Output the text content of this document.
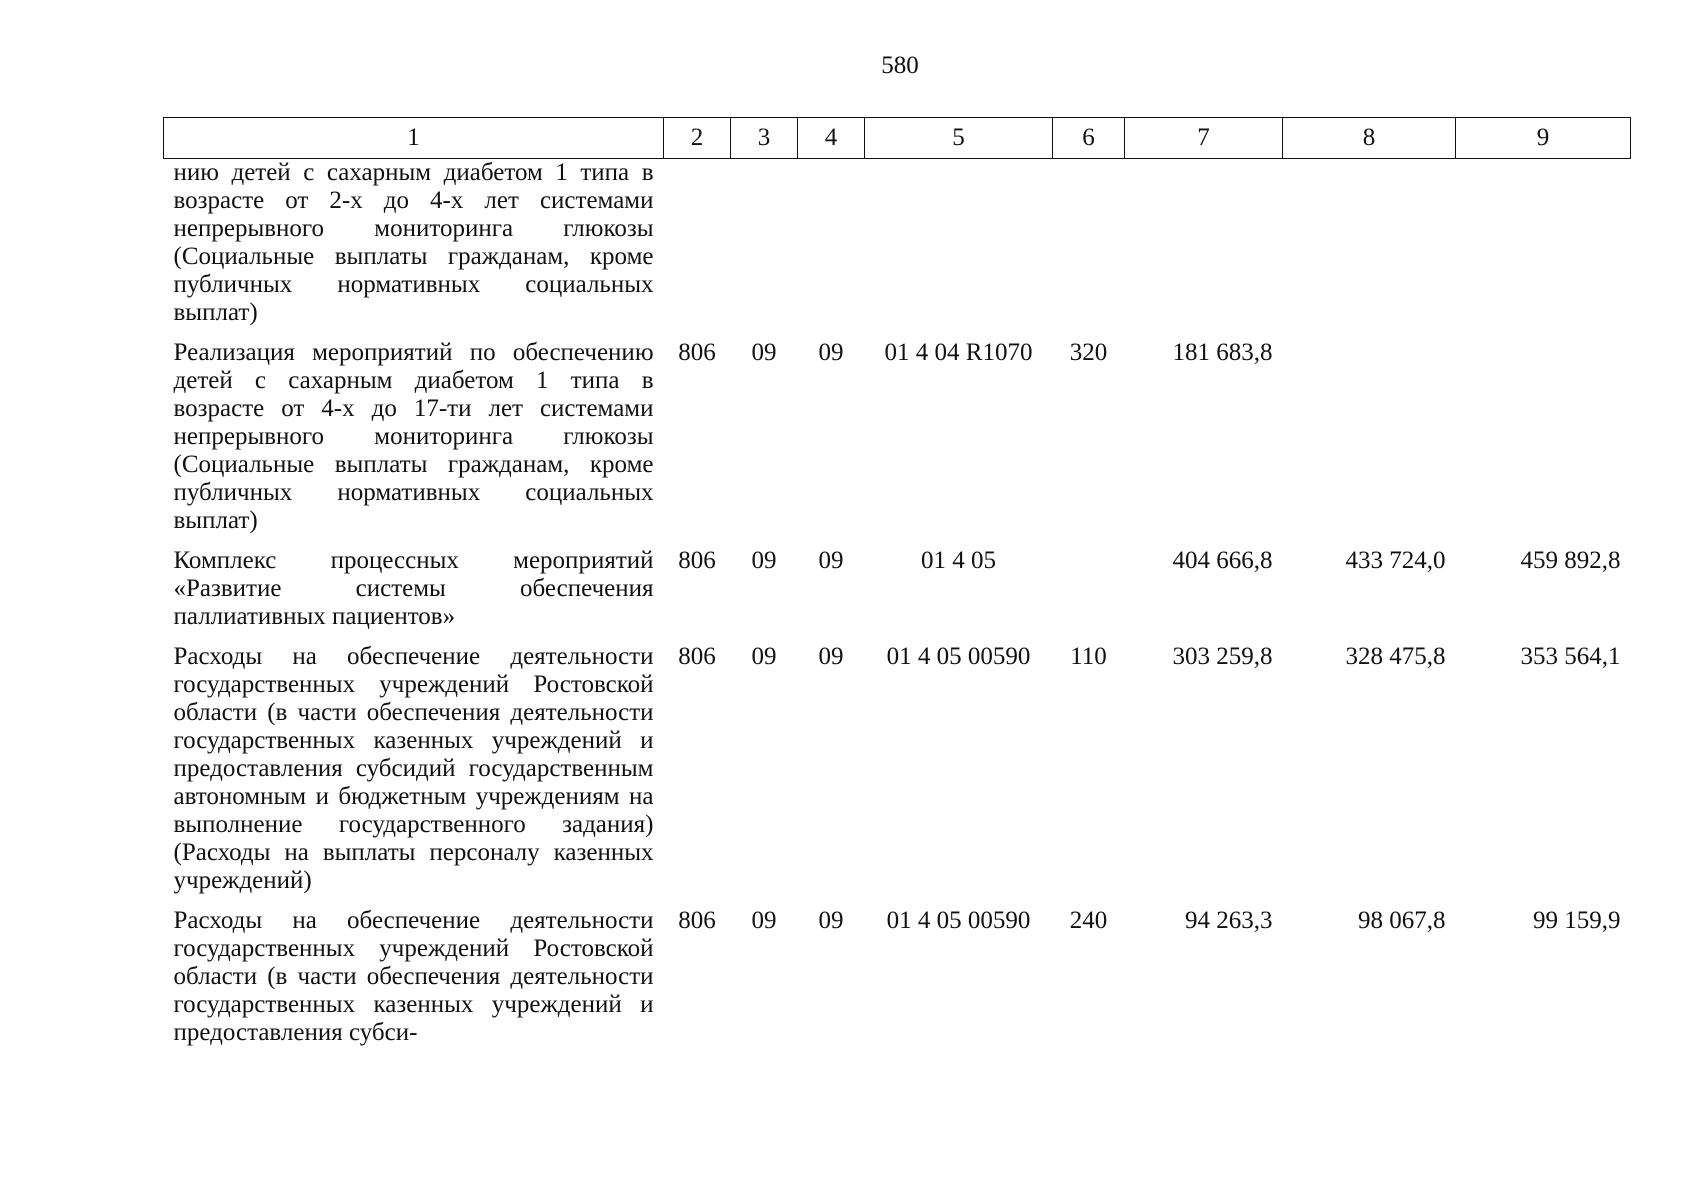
580
1	2	3	4	5	6	7	8	9
нию детей с сахарным диабетом 1 типа в возрасте от 2-х до 4-х лет системами непрерывного мониторинга глюкозы (Социальные выплаты гражданам, кроме публичных нормативных социальных выплат)								
Реализация мероприятий по обеспечению детей с сахарным диабетом 1 типа в возрасте от 4-х до 17-ти лет системами непрерывного мониторинга глюкозы (Социальные выплаты гражданам, кроме публичных нормативных социальных выплат)	806	09	09	01 4 04 R1070	320	181 683,8		
Комплекс процессных мероприятий «Развитие системы обеспечения паллиативных пациентов»	806	09	09	01 4 05		404 666,8	433 724,0	459 892,8
Расходы на обеспечение деятельности государственных учреждений Ростовской области (в части обеспечения деятельности государственных казенных учреждений и предоставления субсидий государственным автономным и бюджетным учреждениям на выполнение государственного задания) (Расходы на выплаты персоналу казенных учреждений)	806	09	09	01 4 05 00590	110	303 259,8	328 475,8	353 564,1
Расходы на обеспечение деятельности государственных учреждений Ростовской области (в части обеспечения деятельности государственных казенных учреждений и предоставления субси-	806	09	09	01 4 05 00590	240	94 263,3	98 067,8	99 159,9
